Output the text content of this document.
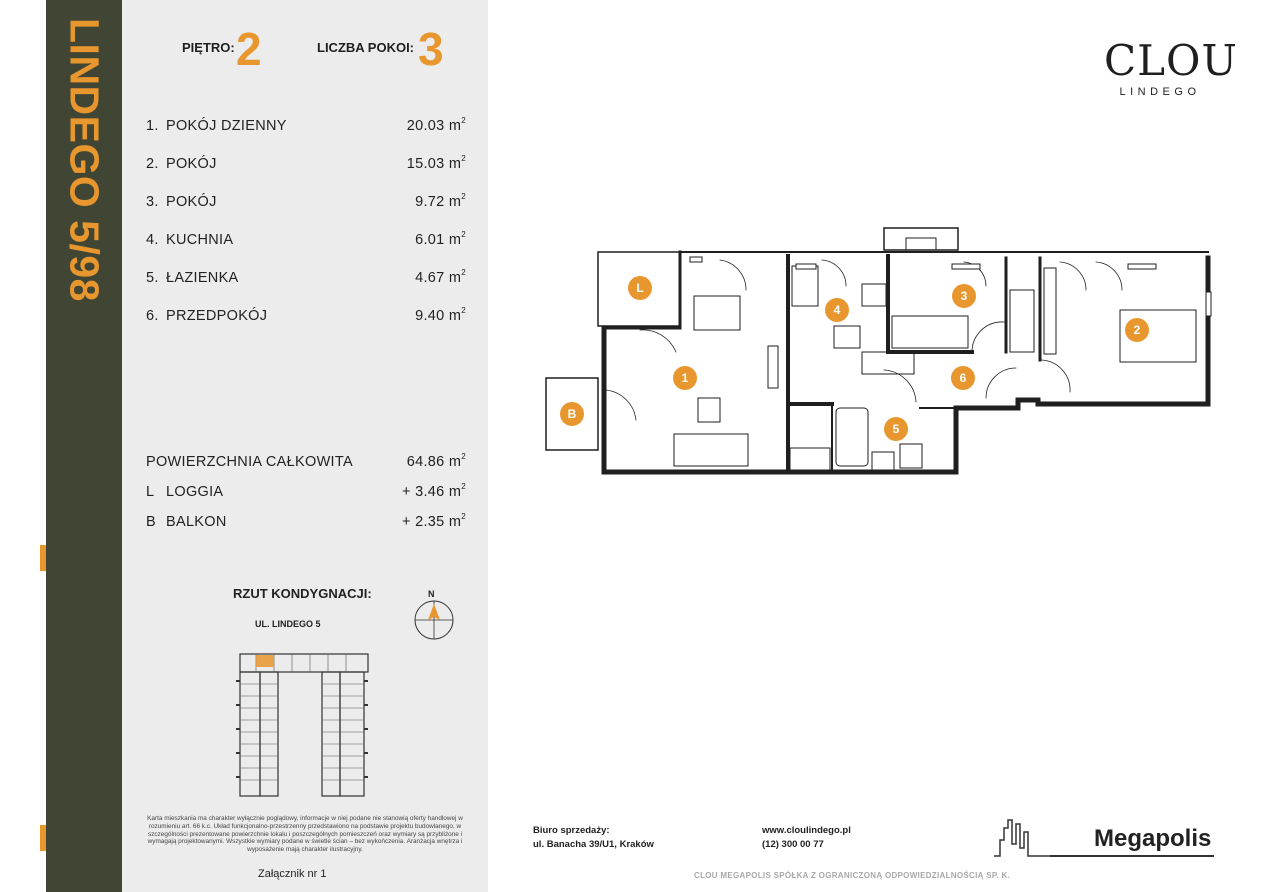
LINDEGO 5/98	PIĘTRO: 2	LICZBA POKOI: 3
1. POKÓJ DZIENNY	20.03 $m^2$
2. POKÓJ	15.03 $m^2$
3. POKÓJ	9.72 $m^2$
4. KUCHNIA	6.01 $m^2$
5. ŁAZIENKA	4.67 $m^2$
6. PRZEDPOKÓJ	9.40 $m^2$
POWIERZCHNIA CAŁKOWITA	64.86 $m^2$
L LOGGIA	+ 3.46 $m^2$
B BALKON	+ 2.35 $m^2$
RZUT KONDYGNACJI:
UL. LINDEGO 5
N
Karta mieszkania ma charakter wyłącznie poglądowy, informacje w niej podane nie stanowią oferty handlowej w rozumieniu art. 66 k.c. Układ funkcjonalno-przestrzenny przedstawiono na podstawie projektu budowlanego, w szczególności prezentowane powierzchnie lokalu i poszczególnych pomieszczeń oraz wymiary są przybliżone i wymagają projektowanymi. Wszystkie wymiary podane w świetle ścian – bez wykończenia. Aranżacja wnętrza i wyposażenie mają charakter ilustracyjny.
Załącznik nr 1
CLOU
LINDEGO
L
B
1
2
3
4
5
6
Biuro sprzedaży:
ul. Banacha 39/U1, Kraków
www.cloulindego.pl
(12) 300 00 77	Megapolis
CLOU MEGAPOLIS SPÓŁKA Z OGRANICZONĄ ODPOWIEDZIALNOŚCIĄ SP. K.
